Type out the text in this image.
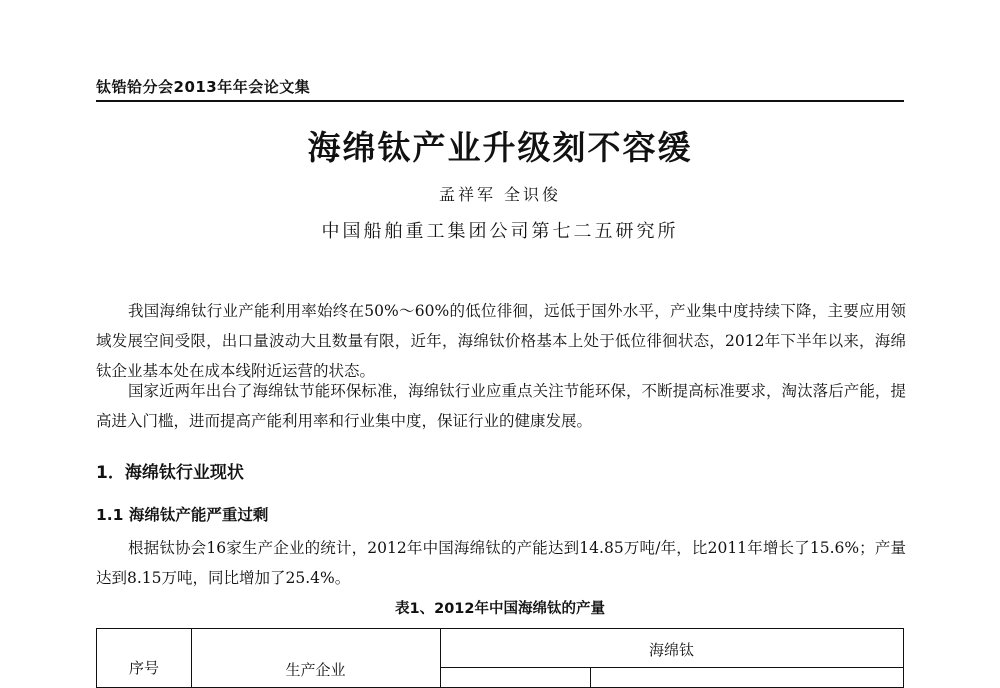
钛锆铪分会2013年年会论文集
海绵钛产业升级刻不容缓
孟祥军 全识俊
中国船舶重工集团公司第七二五研究所
我国海绵钛行业产能利用率始终在50%～60%的低位徘徊，远低于国外水平，产业集中度持续下降，主要应用领域发展空间受限，出口量波动大且数量有限，近年，海绵钛价格基本上处于低位徘徊状态，2012年下半年以来，海绵钛企业基本处在成本线附近运营的状态。
国家近两年出台了海绵钛节能环保标准，海绵钛行业应重点关注节能环保，不断提高标准要求，淘汰落后产能，提高进入门槛，进而提高产能利用率和行业集中度，保证行业的健康发展。
1．海绵钛行业现状
1.1 海绵钛产能严重过剩
根据钛协会16家生产企业的统计，2012年中国海绵钛的产能达到14.85万吨/年，比2011年增长了15.6%；产量达到8.15万吨，同比增加了25.4%。
表1、2012年中国海绵钛的产量
序号	生产企业
海绵钛
